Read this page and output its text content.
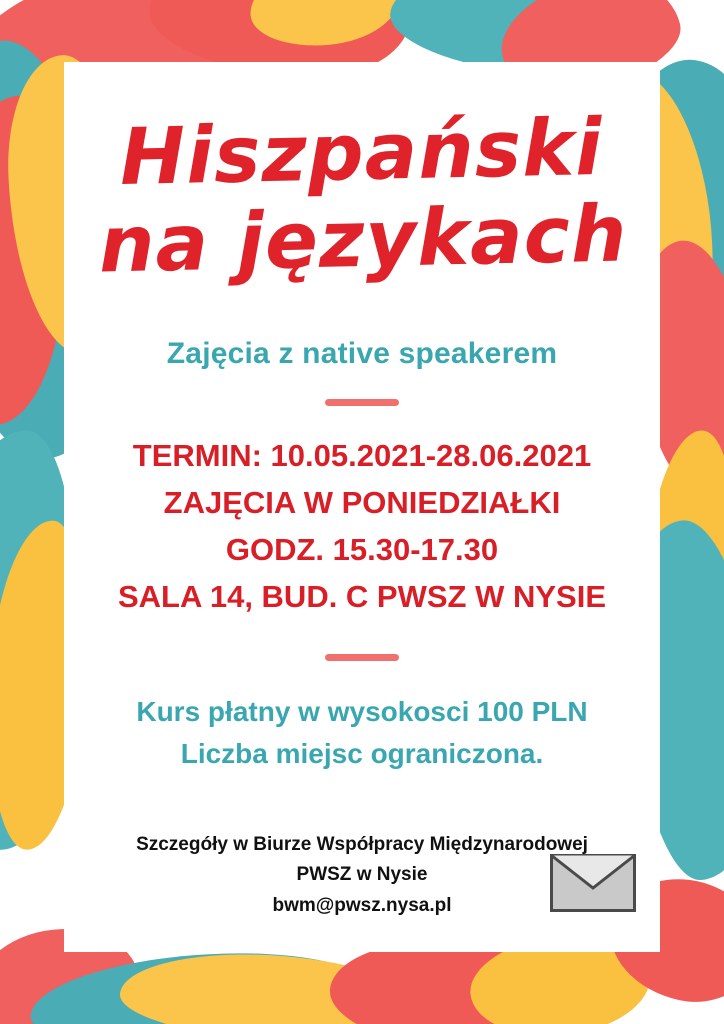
Hiszpański
na językach
Zajęcia z native speakerem
TERMIN: 10.05.2021-28.06.2021
ZAJĘCIA W PONIEDZIAŁKI
GODZ. 15.30-17.30
SALA 14, BUD. C PWSZ W NYSIE
Kurs płatny w wysokosci 100 PLN
Liczba miejsc ograniczona.
Szczegóły w Biurze Współpracy Międzynarodowej
PWSZ w Nysie
bwm@pwsz.nysa.pl
